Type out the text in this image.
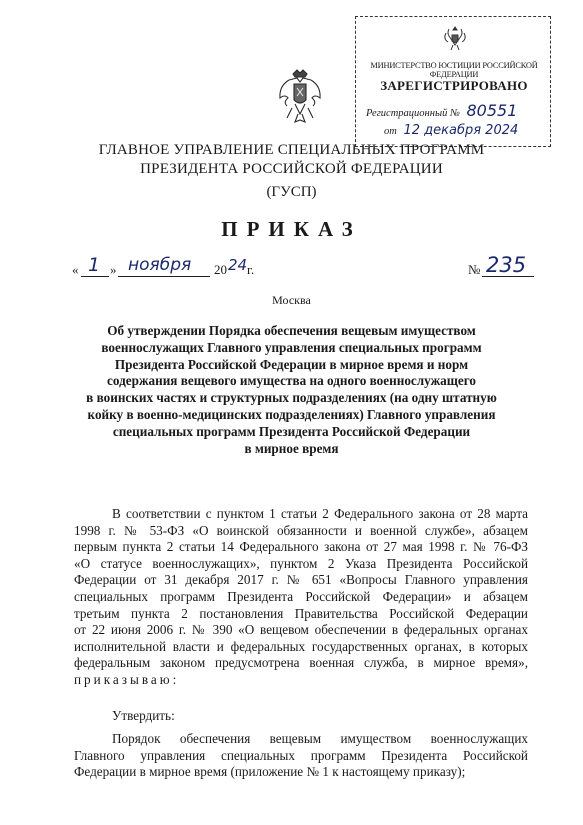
МИНИСТЕРСТВО ЮСТИЦИИ РОССИЙСКОЙ ФЕДЕРАЦИИ
ЗАРЕГИСТРИРОВАНО
Регистрационный № 80551
от 12 декабря 2024
ГЛАВНОЕ УПРАВЛЕНИЕ СПЕЦИАЛЬНЫХ ПРОГРАММ
ПРЕЗИДЕНТА РОССИЙСКОЙ ФЕДЕРАЦИИ
(ГУСП)
ПРИКАЗ
« 1 » ноября 20 24 г.	№ 235
Москва
Об утверждении Порядка обеспечения вещевым имуществом
военнослужащих Главного управления специальных программ
Президента Российской Федерации в мирное время и норм
содержания вещевого имущества на одного военнослужащего
в воинских частях и структурных подразделениях (на одну штатную
койку в военно-медицинских подразделениях) Главного управления
специальных программ Президента Российской Федерации
в мирное время
В соответствии с пунктом 1 статьи 2 Федерального закона от 28 марта
1998 г. № 53-ФЗ «О воинской обязанности и военной службе», абзацем
первым пункта 2 статьи 14 Федерального закона от 27 мая 1998 г. № 76-ФЗ
«О статусе военнослужащих», пунктом 2 Указа Президента Российской
Федерации от 31 декабря 2017 г. № 651 «Вопросы Главного управления
специальных программ Президента Российской Федерации» и абзацем
третьим пункта 2 постановления Правительства Российской Федерации
от 22 июня 2006 г. № 390 «О вещевом обеспечении в федеральных органах
исполнительной власти и федеральных государственных органах, в которых
федеральным законом предусмотрена военная служба, в мирное время»,
приказываю:
Утвердить:
Порядок обеспечения вещевым имуществом военнослужащих
Главного управления специальных программ Президента Российской
Федерации в мирное время (приложение № 1 к настоящему приказу);
